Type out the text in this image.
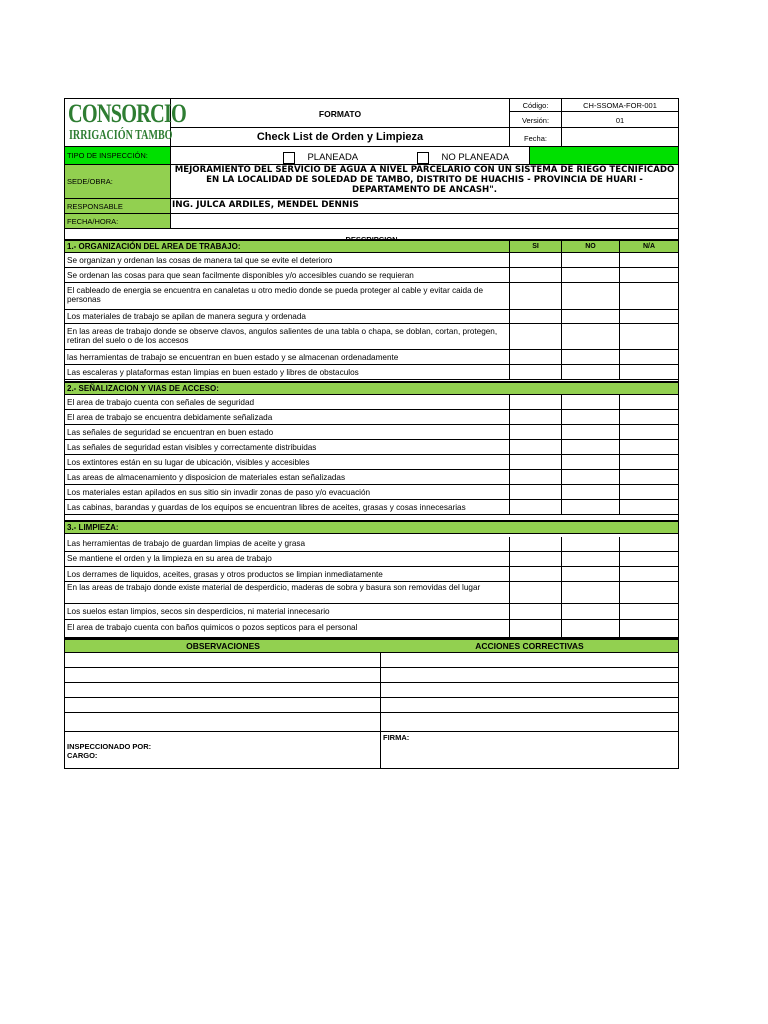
CONSORCIO
IRRIGACIÓN TAMBO
FORMATO
Check List de Orden y Limpieza
Código:	CH-SSOMA-FOR-001
Versión:	01
Fecha:
TIPO DE INSPECCIÓN:	PLANEADA	NO PLANEADA
SEDE/OBRA:
MEJORAMIENTO DEL SERVICIO DE AGUA A NIVEL PARCELARIO CON UN SISTEMA DE RIEGO TECNIFICADO EN LA LOCALIDAD DE SOLEDAD DE TAMBO, DISTRITO DE HUACHIS - PROVINCIA DE HUARI - DEPARTAMENTO DE ANCASH".
RESPONSABLE	ING. JULCA ARDILES, MENDEL DENNIS
FECHA/HORA:
1.- ORGANIZACIÓN DEL AREA DE TRABAJO:	SI	NO	N/A
Se organizan y ordenan las cosas de manera tal que se evite el deterioro
Se ordenan las cosas para que sean facilmente disponibles y/o accesibles cuando se requieran
El cableado de energia se encuentra en canaletas u otro medio donde se pueda proteger al cable y evitar caida de personas
Los materiales de trabajo se apilan de manera segura y ordenada
En las areas de trabajo donde se observe clavos, angulos salientes de una tabla o chapa, se doblan, cortan, protegen, retiran del suelo o de los accesos
las herramientas de trabajo se encuentran en buen estado y se almacenan ordenadamente
Las escaleras y plataformas estan limpias en buen estado y libres de obstaculos
2.- SEÑALIZACION Y VIAS DE ACCESO:
El area de trabajo cuenta con señales de seguridad
El area de trabajo se encuentra debidamente señalizada
Las señales de seguridad se encuentran en buen estado
Las señales de seguridad estan visibles y correctamente distribuidas
Los extintores están en su lugar de ubicación, visibles y accesibles
Las areas de almacenamiento y disposicion de materiales estan señalizadas
Los materiales estan apilados en sus sitio sin invadir zonas de paso y/o evacuación
Las cabinas, barandas y guardas de los equipos se encuentran libres de aceites, grasas y cosas innecesarias
3.- LIMPIEZA:
Las herramientas de trabajo de guardan limpias de aceite y grasa
Se mantiene el orden y la limpieza en su area de trabajo
Los derrames de liquidos, aceites, grasas y otros productos se limpian inmediatamente
En las areas de trabajo donde existe material de desperdicio, maderas de sobra y basura son removidas del lugar
Los suelos estan limpios, secos sin desperdicios, ni material innecesario
El area de trabajo cuenta con baños quimicos o pozos septicos para el personal
OBSERVACIONES	ACCIONES CORRECTIVAS
INSPECCIONADO POR:
CARGO:
FIRMA:
